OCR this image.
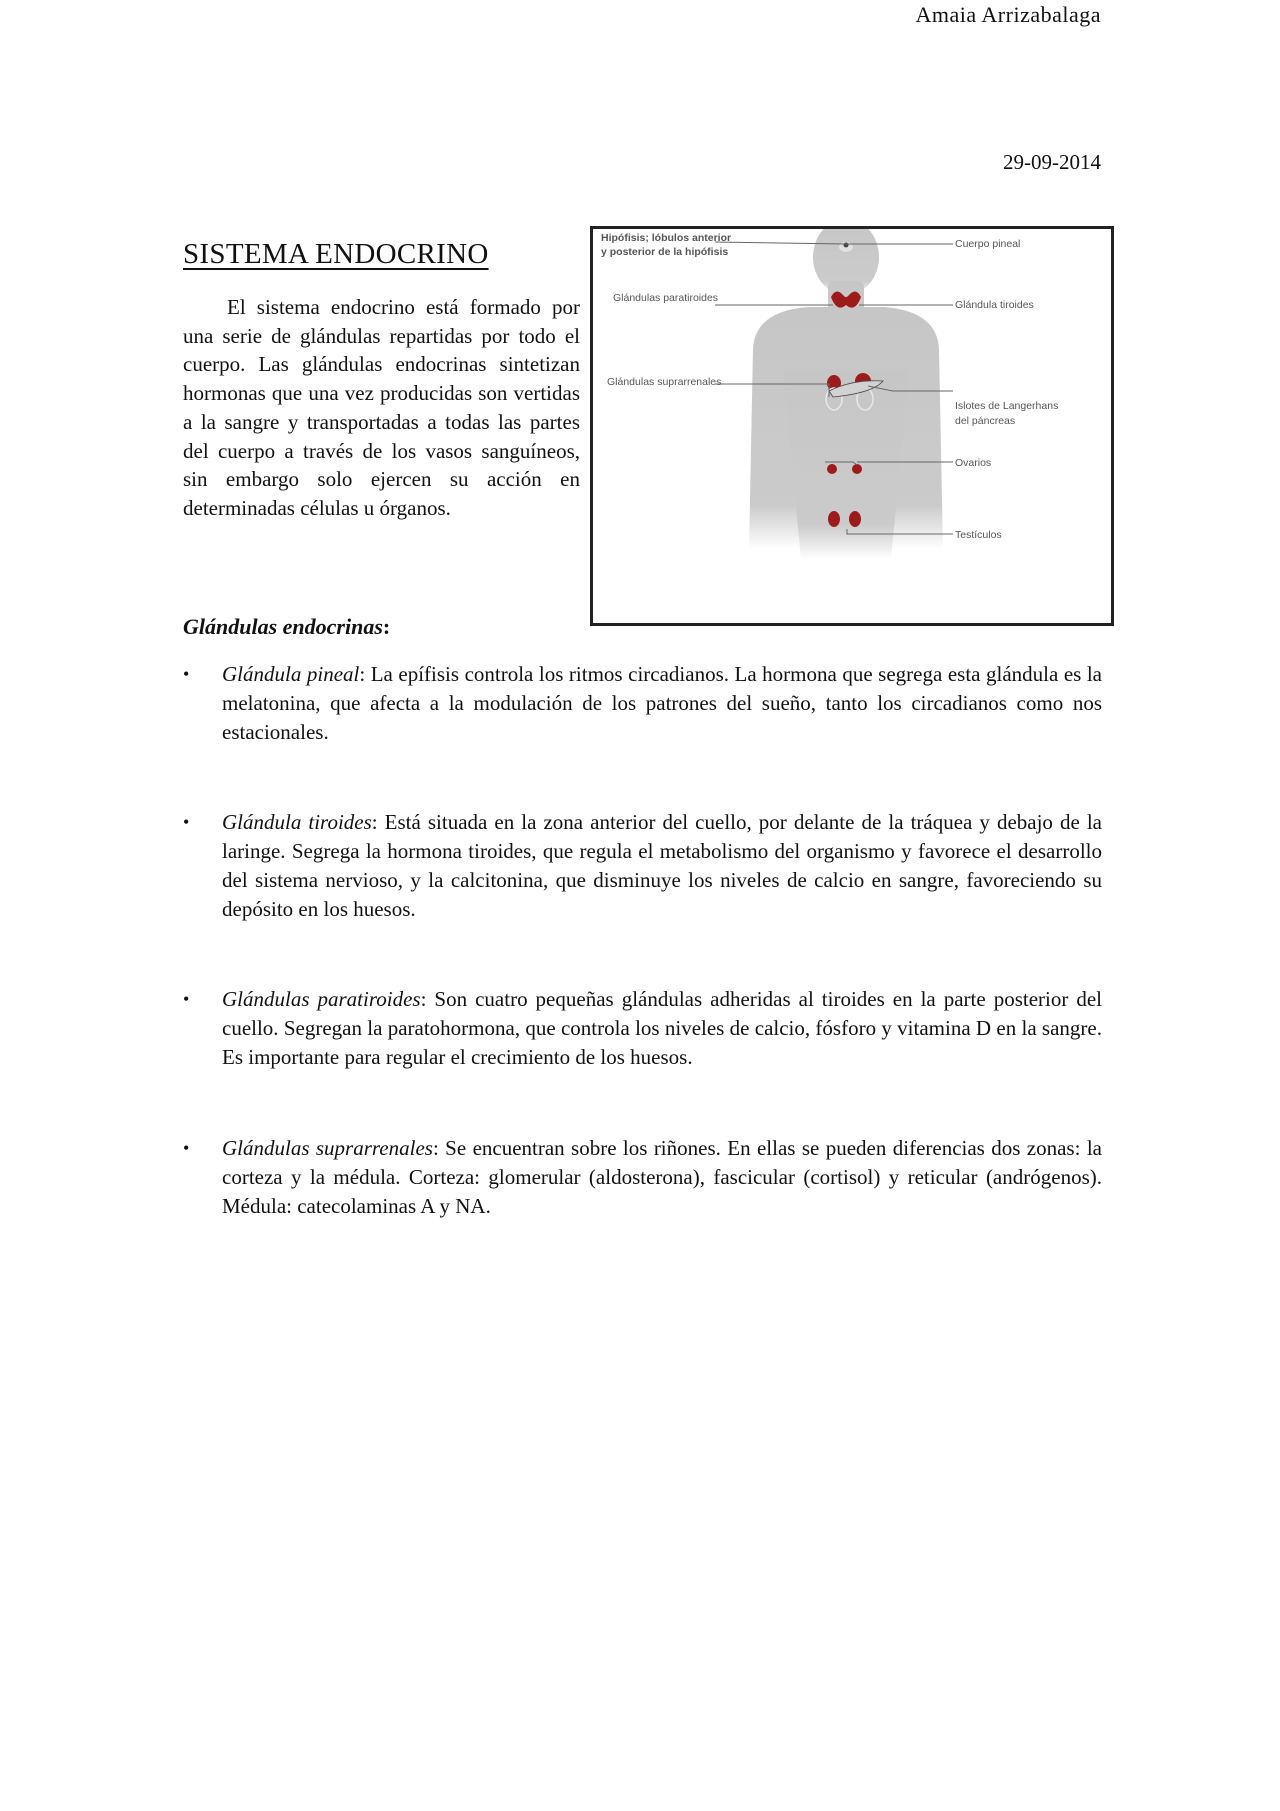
Amaia Arrizabalaga
29-09-2014
SISTEMA ENDOCRINO

El sistema endocrino está formado por una serie de glándulas repartidas por todo el cuerpo. Las glándulas endocrinas sintetizan hormonas que una vez producidas son vertidas a la sangre y transportadas a todas las partes del cuerpo a través de los vasos sanguíneos, sin embargo solo ejercen su acción en determinadas células u órganos.

Hipófisis; lóbulos anterior
y posterior de la hipófisis
Glándulas paratiroides
Glándulas suprarrenales
Cuerpo pineal
Glándula tiroides
Islotes de Langerhans
del páncreas
Ovarios
Testículos
Glándulas endocrinas:
• Glándula pineal: La epífisis controla los ritmos circadianos. La hormona que segrega esta glándula es la melatonina, que afecta a la modulación de los patrones del sueño, tanto los circadianos como nos estacionales.
• Glándula tiroides: Está situada en la zona anterior del cuello, por delante de la tráquea y debajo de la laringe. Segrega la hormona tiroides, que regula el metabolismo del organismo y favorece el desarrollo del sistema nervioso, y la calcitonina, que disminuye los niveles de calcio en sangre, favoreciendo su depósito en los huesos.
• Glándulas paratiroides: Son cuatro pequeñas glándulas adheridas al tiroides en la parte posterior del cuello. Segregan la paratohormona, que controla los niveles de calcio, fósforo y vitamina D en la sangre. Es importante para regular el crecimiento de los huesos.
• Glándulas suprarrenales: Se encuentran sobre los riñones. En ellas se pueden diferencias dos zonas: la corteza y la médula. Corteza: glomerular (aldosterona), fascicular (cortisol) y reticular (andrógenos). Médula: catecolaminas A y NA.
